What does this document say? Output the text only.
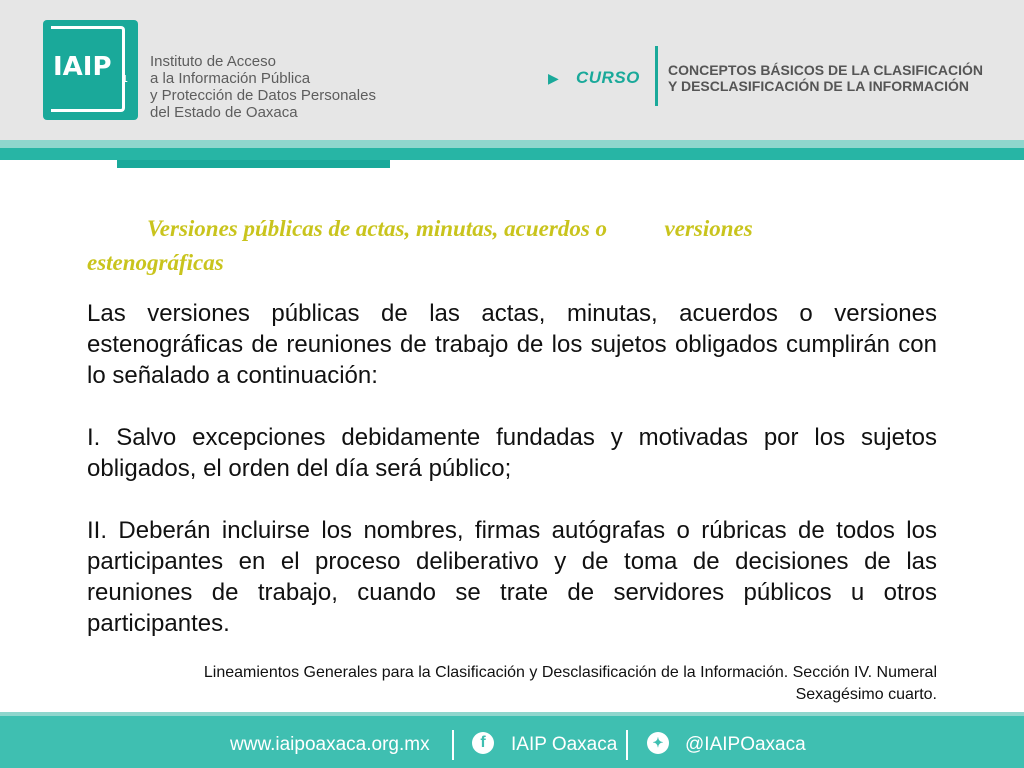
IAIP 1
Instituto de Acceso
a la Información Pública
y Protección de Datos Personales
del Estado de Oaxaca
▶ CURSO CONCEPTOS BÁSICOS DE LA CLASIFICACIÓN
Y DESCLASIFICACIÓN DE LA INFORMACIÓN
Versiones públicas de actas, minutas, acuerdos o          versiones
estenográficas

Las versiones públicas de las actas, minutas, acuerdos o versiones estenográficas de reuniones de trabajo de los sujetos obligados cumplirán con lo señalado a continuación:

I. Salvo excepciones debidamente fundadas y motivadas por los sujetos obligados, el orden del día será público;

II. Deberán incluirse los nombres, firmas autógrafas o rúbricas de todos los participantes en el proceso deliberativo y de toma de decisiones de las reuniones de trabajo, cuando se trate de servidores públicos u otros participantes.

Lineamientos Generales para la Clasificación y Desclasificación de la Información. Sección IV. Numeral
Sexagésimo cuarto.
www.iaipoaxaca.org.mx	f	IAIP Oaxaca	✦ @IAIPOaxaca
